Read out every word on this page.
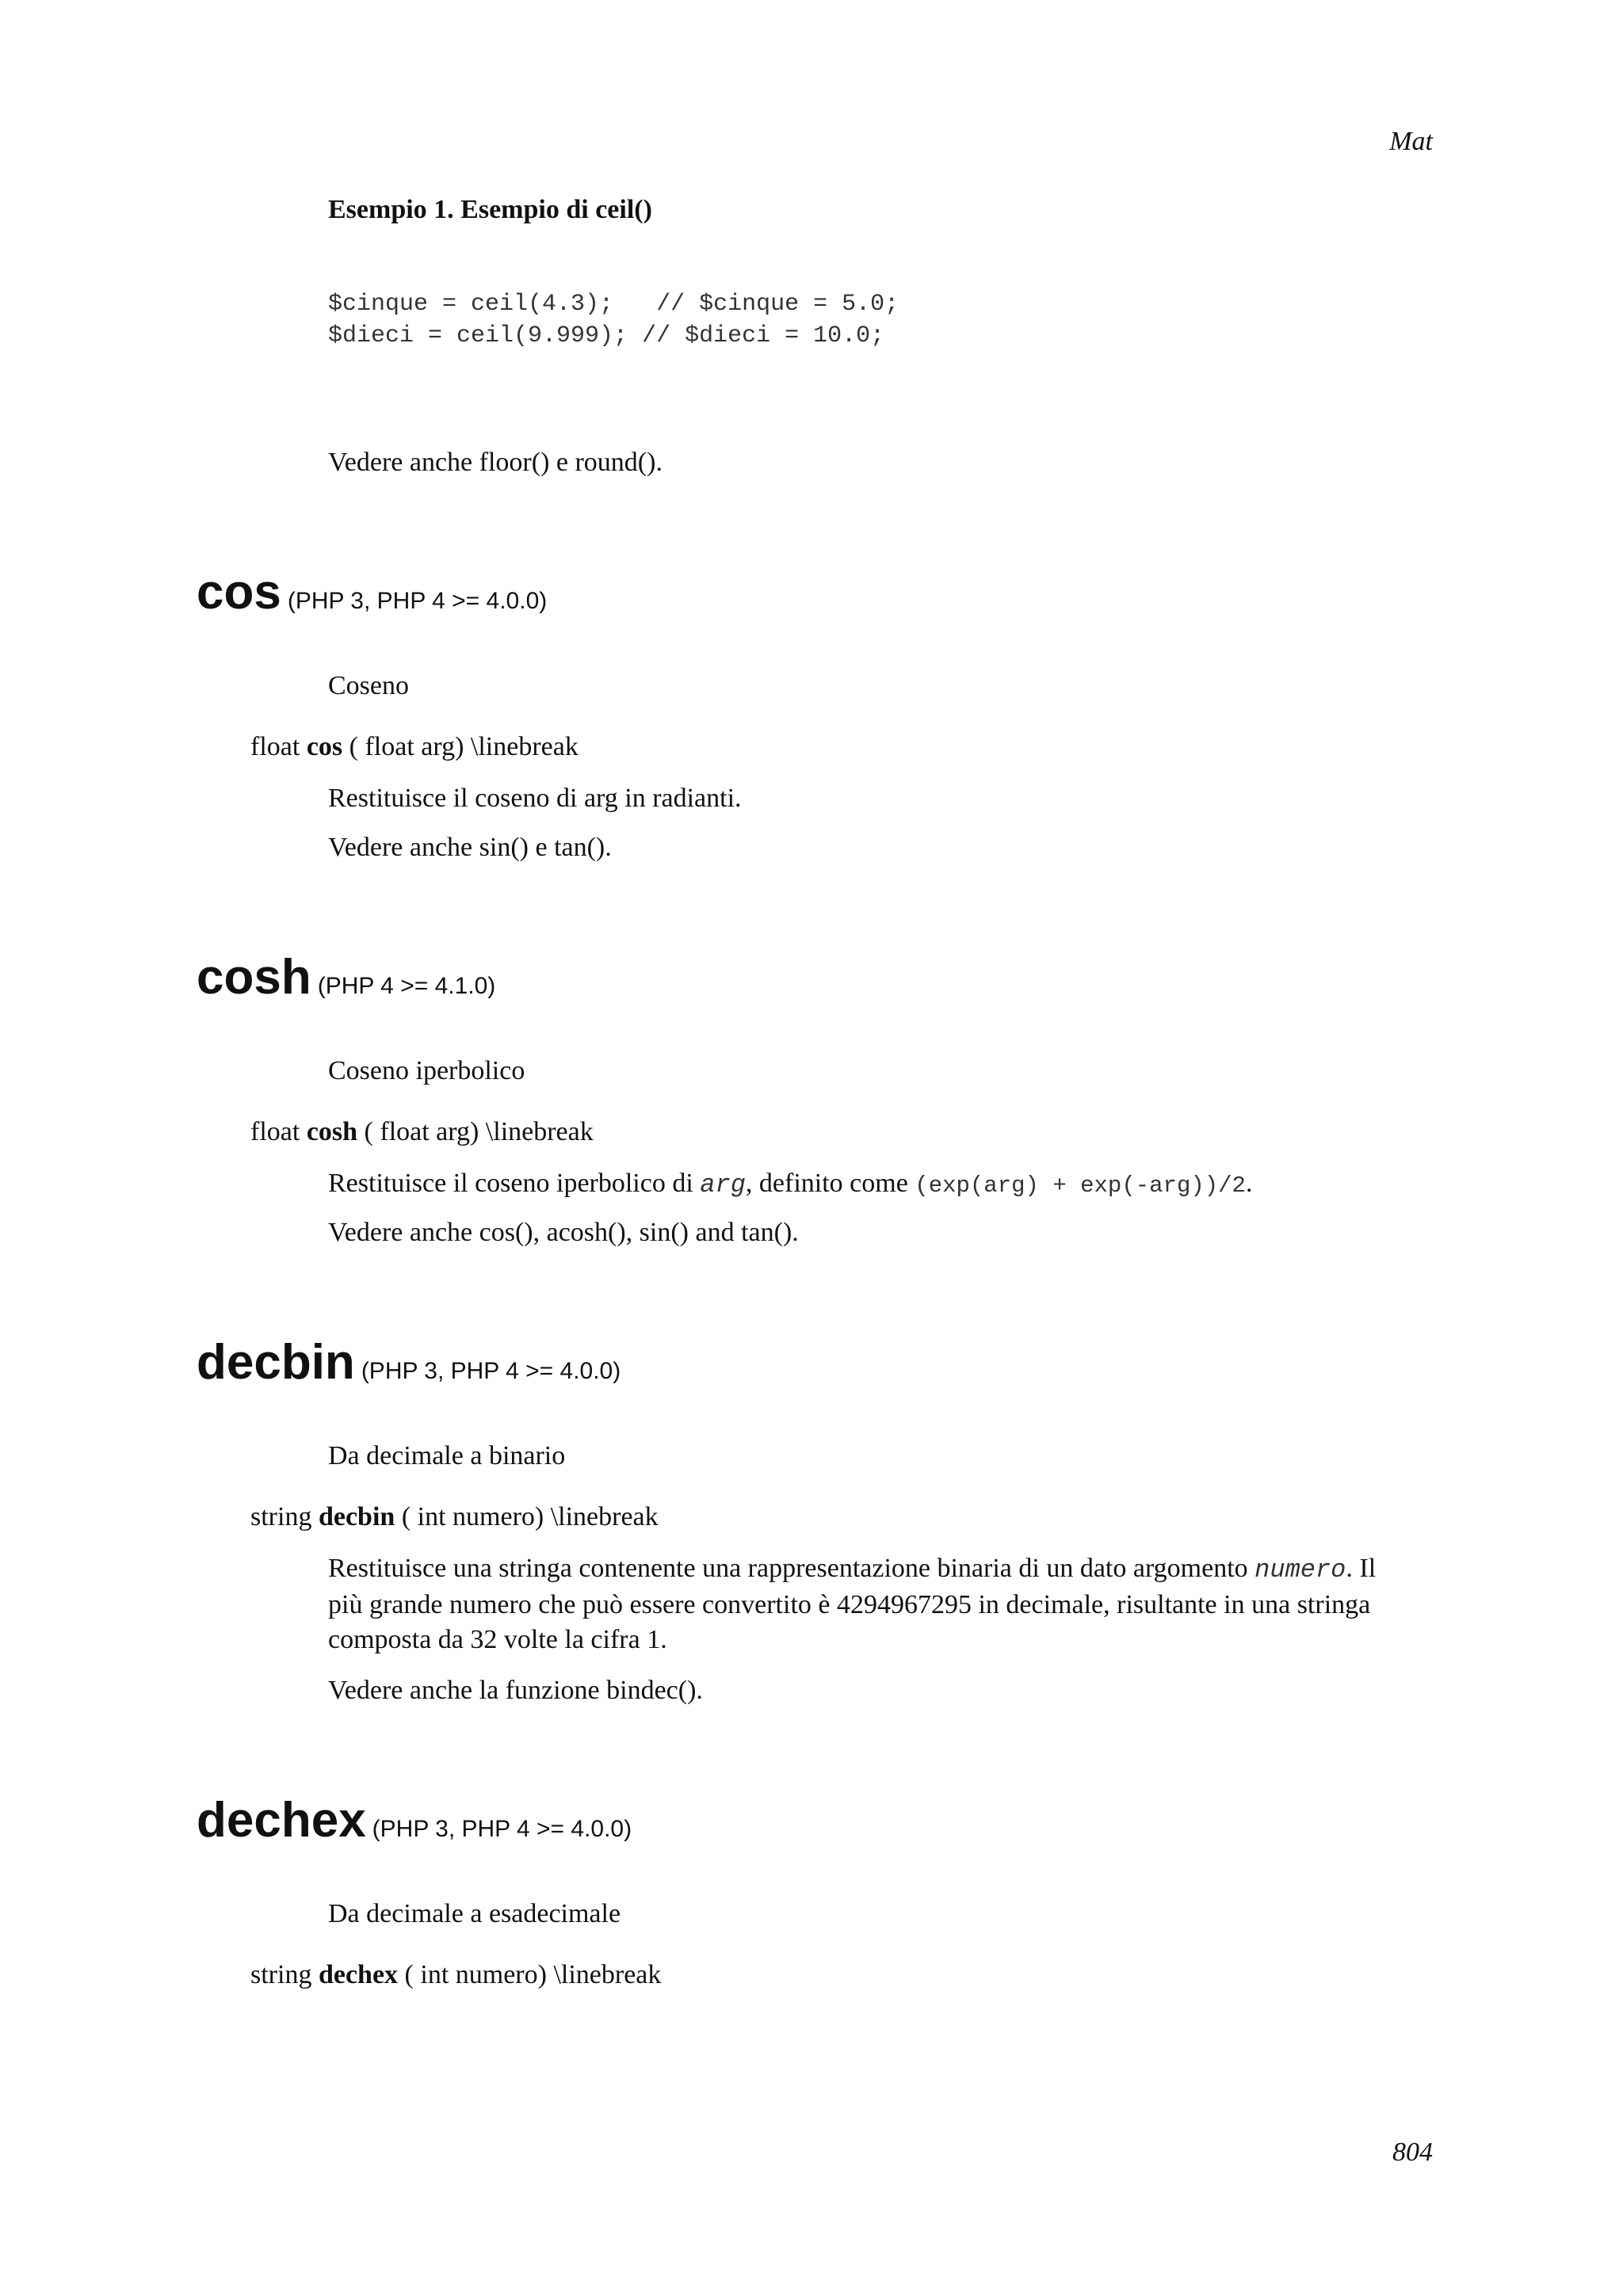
Mat
Esempio 1. Esempio di ceil()
$cinque = ceil(4.3);   // $cinque = 5.0;
$dieci = ceil(9.999); // $dieci = 10.0;

Vedere anche floor() e round().

cos (PHP 3, PHP 4 >= 4.0.0)

Coseno

float cos ( float arg) \linebreak

Restituisce il coseno di arg in radianti.

Vedere anche sin() e tan().

cosh (PHP 4 >= 4.1.0)

Coseno iperbolico

float cosh ( float arg) \linebreak

Restituisce il coseno iperbolico di arg, definito come (exp(arg) + exp(-arg))/2.

Vedere anche cos(), acosh(), sin() and tan().

decbin (PHP 3, PHP 4 >= 4.0.0)

Da decimale a binario

string decbin ( int numero) \linebreak

Restituisce una stringa contenente una rappresentazione binaria di un dato argomento numero. Il più grande numero che può essere convertito è 4294967295 in decimale, risultante in una stringa composta da 32 volte la cifra 1.

Vedere anche la funzione bindec().

dechex (PHP 3, PHP 4 >= 4.0.0)

Da decimale a esadecimale

string dechex ( int numero) \linebreak
804
